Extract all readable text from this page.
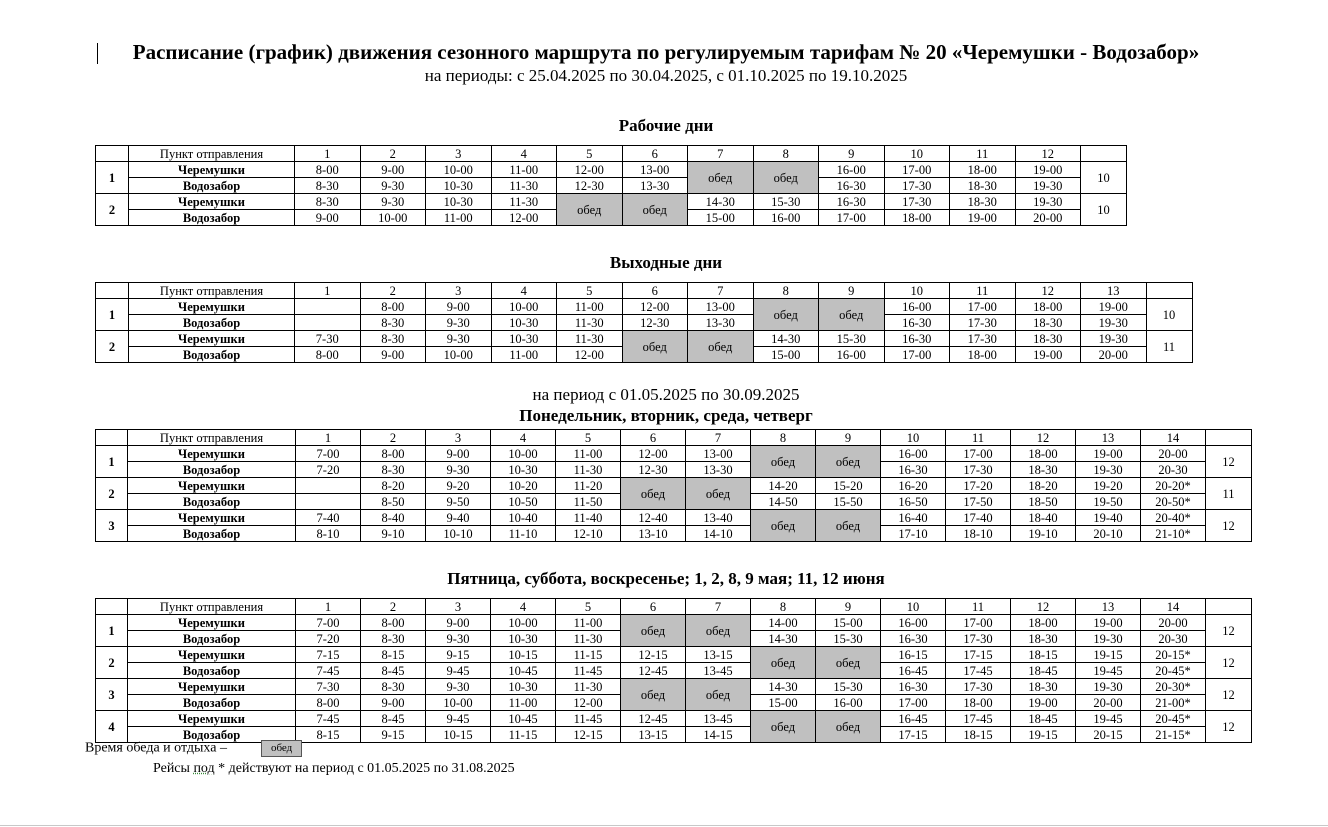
Расписание (график) движения сезонного маршрута по регулируемым тарифам № 20 «Черемушки - Водозабор»
на периоды: с 25.04.2025 по 30.04.2025, с 01.10.2025 по 19.10.2025
Рабочие дни
	Пункт отправления	1	2	3	4	5	6	7	8	9	10	11	12	
1	Черемушки	8-00	9-00	10-00	11-00	12-00	13-00	обед	обед	16-00	17-00	18-00	19-00	10
	Водозабор	8-30	9-30	10-30	11-30	12-30	13-30			16-30	17-30	18-30	19-30	
2	Черемушки	8-30	9-30	10-30	11-30	обед	обед	14-30	15-30	16-30	17-30	18-30	19-30	10
	Водозабор	9-00	10-00	11-00	12-00			15-00	16-00	17-00	18-00	19-00	20-00	
Выходные дни
	Пункт отправления	1	2	3	4	5	6	7	8	9	10	11	12	13	
1	Черемушки		8-00	9-00	10-00	11-00	12-00	13-00	обед	обед	16-00	17-00	18-00	19-00	10
	Водозабор		8-30	9-30	10-30	11-30	12-30	13-30			16-30	17-30	18-30	19-30	
2	Черемушки	7-30	8-30	9-30	10-30	11-30	обед	обед	14-30	15-30	16-30	17-30	18-30	19-30	11
	Водозабор	8-00	9-00	10-00	11-00	12-00			15-00	16-00	17-00	18-00	19-00	20-00	
на период с 01.05.2025 по 30.09.2025
Понедельник, вторник, среда, четверг
	Пункт отправления	1	2	3	4	5	6	7	8	9	10	11	12	13	14	
1	Черемушки	7-00	8-00	9-00	10-00	11-00	12-00	13-00	обед	обед	16-00	17-00	18-00	19-00	20-00	12
	Водозабор	7-20	8-30	9-30	10-30	11-30	12-30	13-30			16-30	17-30	18-30	19-30	20-30	
2	Черемушки		8-20	9-20	10-20	11-20	обед	обед	14-20	15-20	16-20	17-20	18-20	19-20	20-20*	11
	Водозабор		8-50	9-50	10-50	11-50			14-50	15-50	16-50	17-50	18-50	19-50	20-50*	
3	Черемушки	7-40	8-40	9-40	10-40	11-40	12-40	13-40	обед	обед	16-40	17-40	18-40	19-40	20-40*	12
	Водозабор	8-10	9-10	10-10	11-10	12-10	13-10	14-10			17-10	18-10	19-10	20-10	21-10*	
Пятница, суббота, воскресенье; 1, 2, 8, 9 мая; 11, 12 июня
	Пункт отправления	1	2	3	4	5	6	7	8	9	10	11	12	13	14	
1	Черемушки	7-00	8-00	9-00	10-00	11-00	обед	обед	14-00	15-00	16-00	17-00	18-00	19-00	20-00	12
	Водозабор	7-20	8-30	9-30	10-30	11-30			14-30	15-30	16-30	17-30	18-30	19-30	20-30	
2	Черемушки	7-15	8-15	9-15	10-15	11-15	12-15	13-15	обед	обед	16-15	17-15	18-15	19-15	20-15*	12
	Водозабор	7-45	8-45	9-45	10-45	11-45	12-45	13-45			16-45	17-45	18-45	19-45	20-45*	
3	Черемушки	7-30	8-30	9-30	10-30	11-30	обед	обед	14-30	15-30	16-30	17-30	18-30	19-30	20-30*	12
	Водозабор	8-00	9-00	10-00	11-00	12-00			15-00	16-00	17-00	18-00	19-00	20-00	21-00*	
4	Черемушки	7-45	8-45	9-45	10-45	11-45	12-45	13-45	обед	обед	16-45	17-45	18-45	19-45	20-45*	12
	Водозабор	8-15	9-15	10-15	11-15	12-15	13-15	14-15			17-15	18-15	19-15	20-15	21-15*	
Время обеда и отдыха –	обед
Рейсы под * действуют на период с 01.05.2025 по 31.08.2025
